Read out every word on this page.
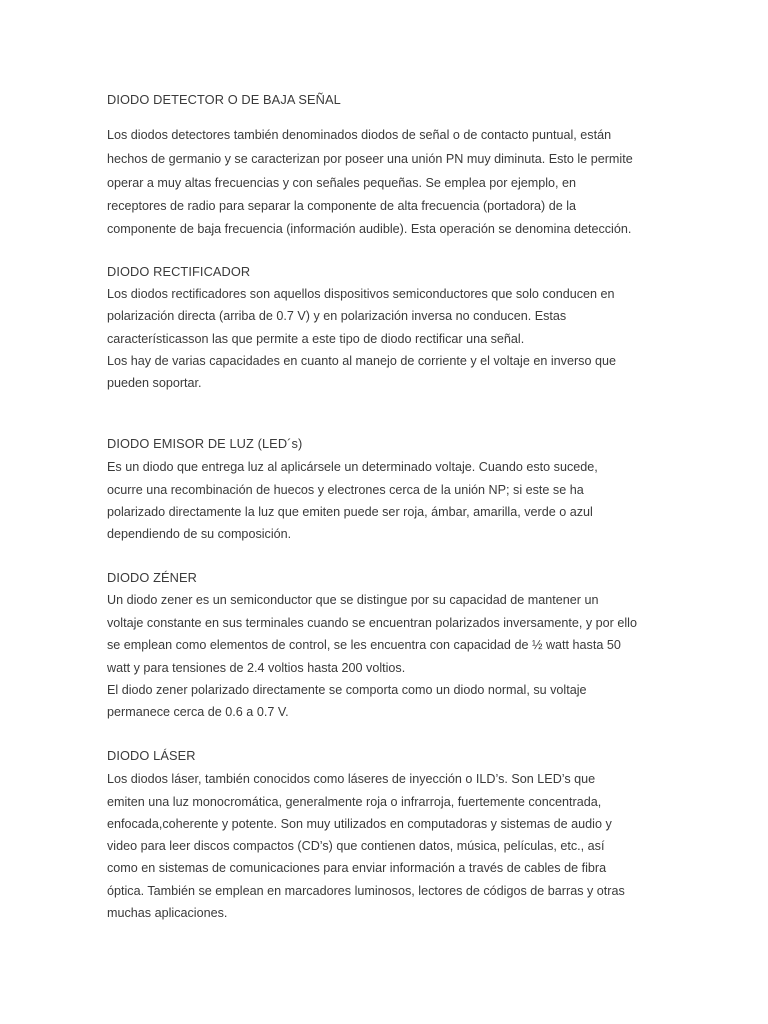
DIODO DETECTOR O DE BAJA SEÑAL
Los diodos detectores también denominados diodos de señal o de contacto puntual, están
hechos de germanio y se caracterizan por poseer una unión PN muy diminuta. Esto le permite
operar a muy altas frecuencias y con señales pequeñas. Se emplea por ejemplo, en
receptores de radio para separar la componente de alta frecuencia (portadora) de la
componente de baja frecuencia (información audible). Esta operación se denomina detección.
DIODO RECTIFICADOR
Los diodos rectificadores son aquellos dispositivos semiconductores que solo conducen en
polarización directa (arriba de 0.7 V) y en polarización inversa no conducen. Estas
característicasson las que permite a este tipo de diodo rectificar una señal.
Los hay de varias capacidades en cuanto al manejo de corriente y el voltaje en inverso que
pueden soportar.
DIODO EMISOR DE LUZ (LED´s)
Es un diodo que entrega luz al aplicársele un determinado voltaje. Cuando esto sucede,
ocurre una recombinación de huecos y electrones cerca de la unión NP; si este se ha
polarizado directamente la luz que emiten puede ser roja, ámbar, amarilla, verde o azul
dependiendo de su composición.
DIODO ZÉNER
Un diodo zener es un semiconductor que se distingue por su capacidad de mantener un
voltaje constante en sus terminales cuando se encuentran polarizados inversamente, y por ello
se emplean como elementos de control, se les encuentra con capacidad de ½ watt hasta 50
watt y para tensiones de 2.4 voltios hasta 200 voltios.
El diodo zener polarizado directamente se comporta como un diodo normal, su voltaje
permanece cerca de 0.6 a 0.7 V.
DIODO LÁSER
Los diodos láser, también conocidos como láseres de inyección o ILD’s. Son LED’s que
emiten una luz monocromática, generalmente roja o infrarroja, fuertemente concentrada,
enfocada,coherente y potente. Son muy utilizados en computadoras y sistemas de audio y
video para leer discos compactos (CD’s) que contienen datos, música, películas, etc., así
como en sistemas de comunicaciones para enviar información a través de cables de fibra
óptica. También se emplean en marcadores luminosos, lectores de códigos de barras y otras
muchas aplicaciones.
